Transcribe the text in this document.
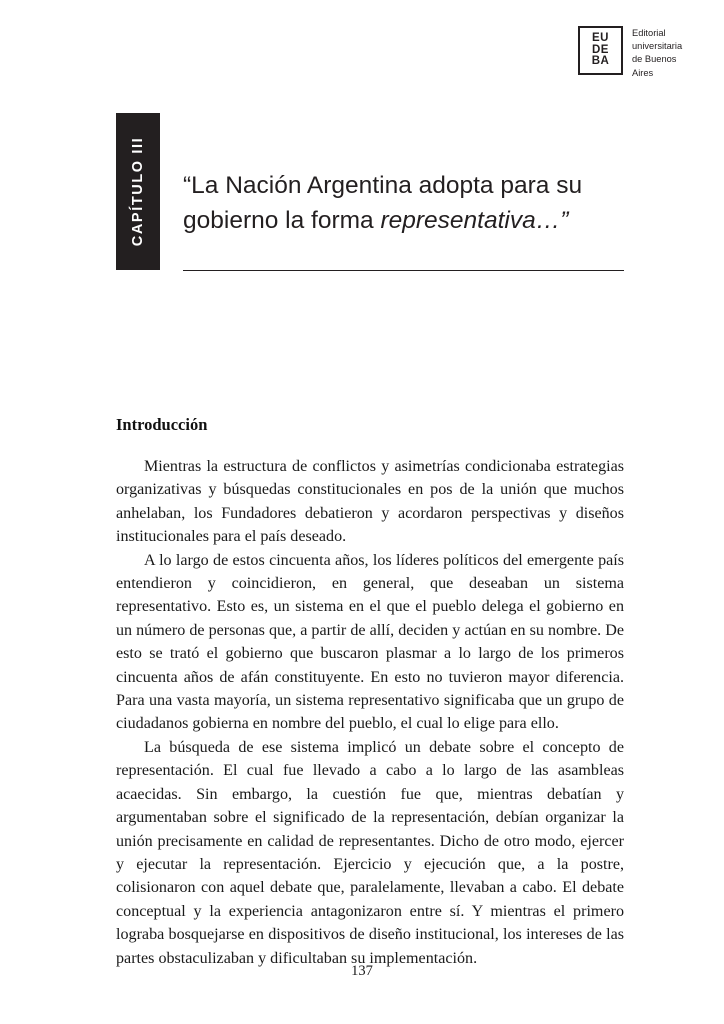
EU
DE
BA
Editorial
universitaria
de Buenos
Aires
CAPÍTULO III	“La Nación Argentina adopta para su
gobierno la forma representativa…”
Introducción

Mientras la estructura de conflictos y asimetrías condicionaba estrategias organizativas y búsquedas constitucionales en pos de la unión que muchos anhelaban, los Fundadores debatieron y acordaron perspectivas y diseños institucionales para el país deseado.

A lo largo de estos cincuenta años, los líderes políticos del emergente país entendieron y coincidieron, en general, que deseaban un sistema representativo. Esto es, un sistema en el que el pueblo delega el gobierno en un número de personas que, a partir de allí, deciden y actúan en su nombre. De esto se trató el gobierno que buscaron plasmar a lo largo de los primeros cincuenta años de afán constituyente. En esto no tuvieron mayor diferencia. Para una vasta mayoría, un sistema representativo significaba que un grupo de ciudadanos gobierna en nombre del pueblo, el cual lo elige para ello.

La búsqueda de ese sistema implicó un debate sobre el concepto de representación. El cual fue llevado a cabo a lo largo de las asambleas acaecidas. Sin embargo, la cuestión fue que, mientras debatían y argumentaban sobre el significado de la representación, debían organizar la unión precisamente en calidad de representantes. Dicho de otro modo, ejercer y ejecutar la representación. Ejercicio y ejecución que, a la postre, colisionaron con aquel debate que, paralelamente, llevaban a cabo. El debate conceptual y la experiencia antagonizaron entre sí. Y mientras el primero lograba bosquejarse en dispositivos de diseño institucional, los intereses de las partes obstaculizaban y dificultaban su implementación.

137
